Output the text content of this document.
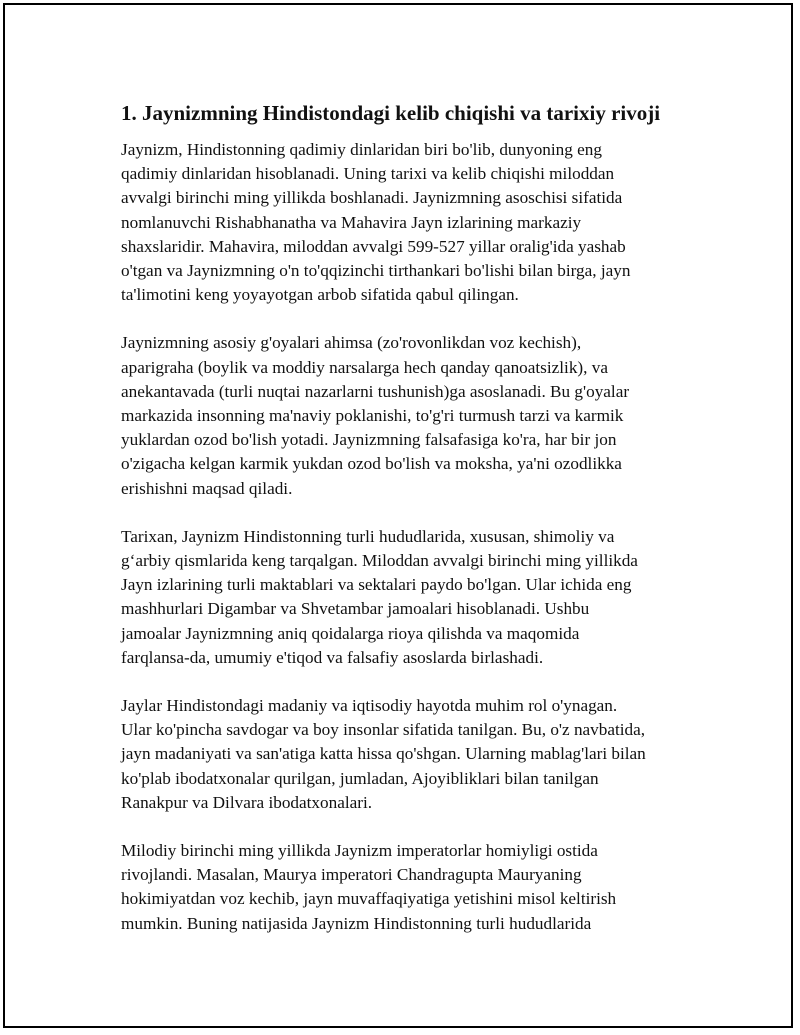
1. Jaynizmning Hindistondagi kelib chiqishi va tarixiy rivoji

Jaynizm, Hindistonning qadimiy dinlaridan biri bo'lib, dunyoning eng
qadimiy dinlaridan hisoblanadi. Uning tarixi va kelib chiqishi miloddan
avvalgi birinchi ming yillikda boshlanadi. Jaynizmning asoschisi sifatida
nomlanuvchi Rishabhanatha va Mahavira Jayn izlarining markaziy
shaxslaridir. Mahavira, miloddan avvalgi 599-527 yillar oralig'ida yashab
o'tgan va Jaynizmning o'n to'qqizinchi tirthankari bo'lishi bilan birga, jayn
ta'limotini keng yoyayotgan arbob sifatida qabul qilingan.

Jaynizmning asosiy g'oyalari ahimsa (zo'rovonlikdan voz kechish),
aparigraha (boylik va moddiy narsalarga hech qanday qanoatsizlik), va
anekantavada (turli nuqtai nazarlarni tushunish)ga asoslanadi. Bu g'oyalar
markazida insonning ma'naviy poklanishi, to'g'ri turmush tarzi va karmik
yuklardan ozod bo'lish yotadi. Jaynizmning falsafasiga ko'ra, har bir jon
o'zigacha kelgan karmik yukdan ozod bo'lish va moksha, ya'ni ozodlikka
erishishni maqsad qiladi.

Tarixan, Jaynizm Hindistonning turli hududlarida, xususan, shimoliy va
g‘arbiy qismlarida keng tarqalgan. Miloddan avvalgi birinchi ming yillikda
Jayn izlarining turli maktablari va sektalari paydo bo'lgan. Ular ichida eng
mashhurlari Digambar va Shvetambar jamoalari hisoblanadi. Ushbu
jamoalar Jaynizmning aniq qoidalarga rioya qilishda va maqomida
farqlansa-da, umumiy e'tiqod va falsafiy asoslarda birlashadi.

Jaylar Hindistondagi madaniy va iqtisodiy hayotda muhim rol o'ynagan.
Ular ko'pincha savdogar va boy insonlar sifatida tanilgan. Bu, o'z navbatida,
jayn madaniyati va san'atiga katta hissa qo'shgan. Ularning mablag'lari bilan
ko'plab ibodatxonalar qurilgan, jumladan, Ajoyibliklari bilan tanilgan
Ranakpur va Dilvara ibodatxonalari.

Milodiy birinchi ming yillikda Jaynizm imperatorlar homiyligi ostida
rivojlandi. Masalan, Maurya imperatori Chandragupta Mauryaning
hokimiyatdan voz kechib, jayn muvaffaqiyatiga yetishini misol keltirish
mumkin. Buning natijasida Jaynizm Hindistonning turli hududlarida
